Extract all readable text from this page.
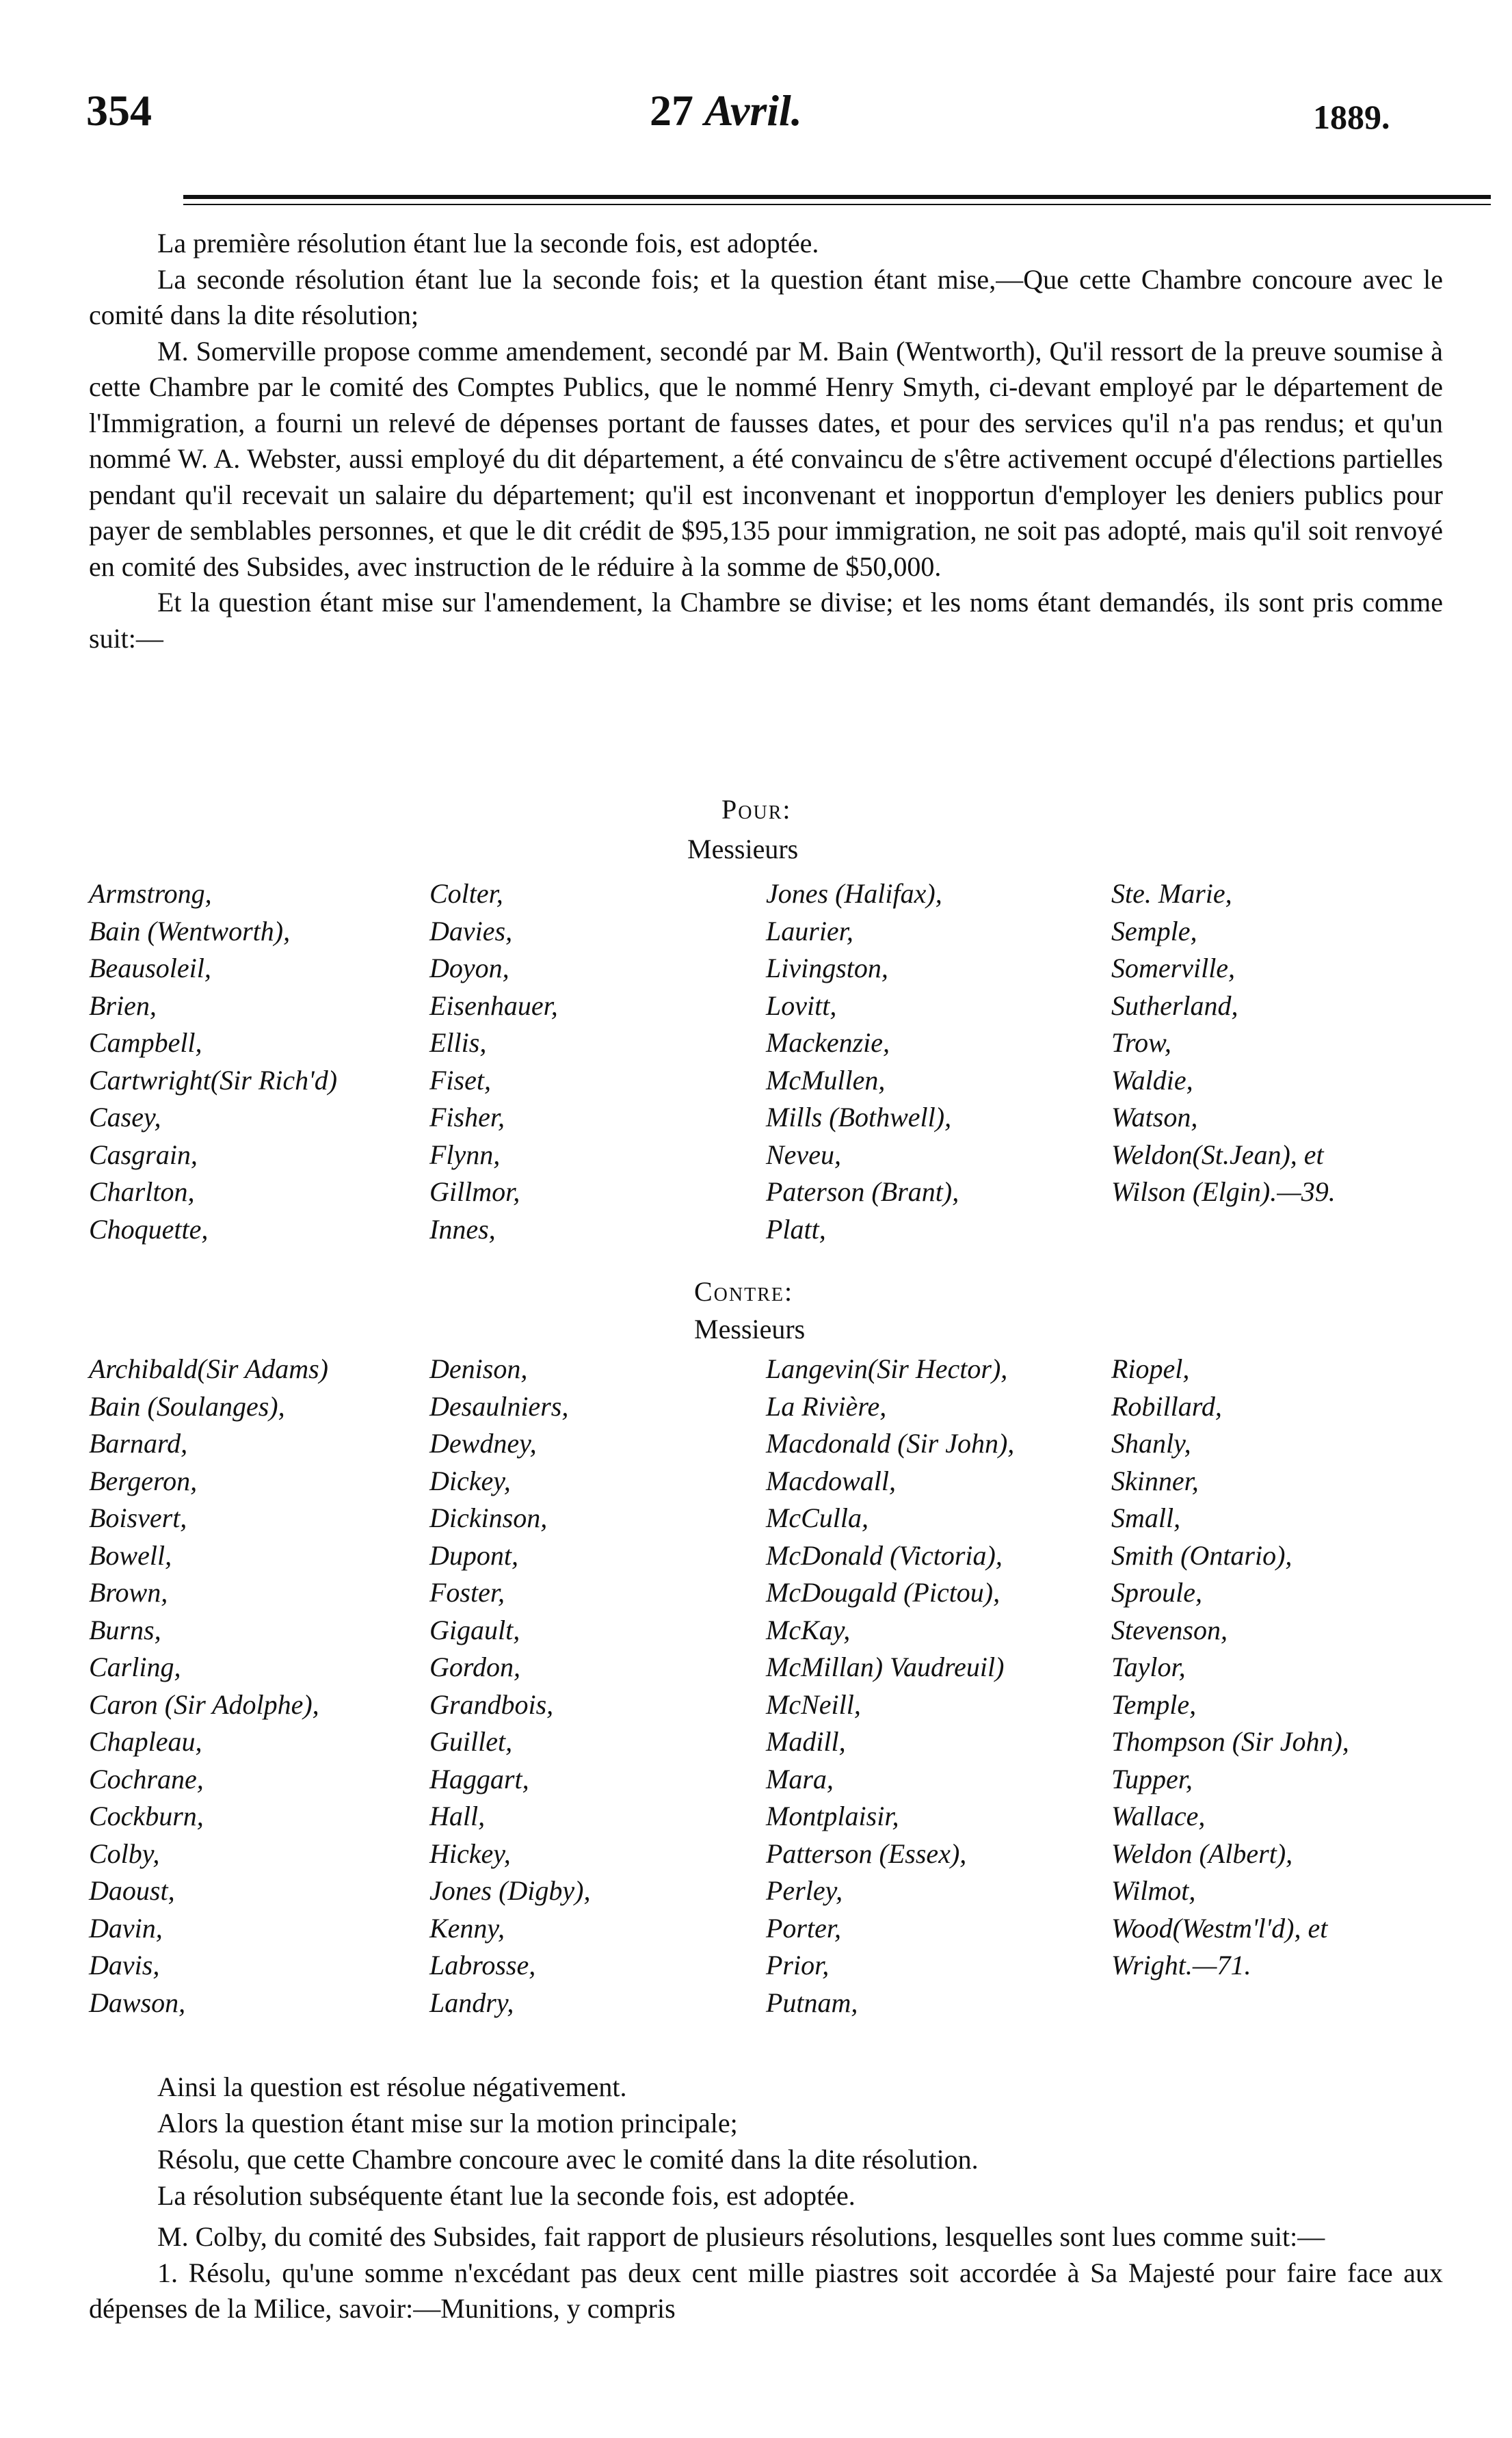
354	27 Avril.	1889.
La première résolution étant lue la seconde fois, est adoptée.
La seconde résolution étant lue la seconde fois; et la question étant mise,—Que cette Chambre concoure avec le comité dans la dite résolution;
M. Somerville propose comme amendement, secondé par M. Bain (Wentworth), Qu'il ressort de la preuve soumise à cette Chambre par le comité des Comptes Publics, que le nommé Henry Smyth, ci-devant employé par le département de l'Immigration, a fourni un relevé de dépenses portant de fausses dates, et pour des services qu'il n'a pas rendus; et qu'un nommé W. A. Webster, aussi employé du dit département, a été convaincu de s'être activement occupé d'élections partielles pendant qu'il recevait un salaire du département; qu'il est inconvenant et inopportun d'employer les deniers publics pour payer de semblables personnes, et que le dit crédit de $95,135 pour immigration, ne soit pas adopté, mais qu'il soit renvoyé en comité des Subsides, avec instruction de le réduire à la somme de $50,000.
Et la question étant mise sur l'amendement, la Chambre se divise; et les noms étant demandés, ils sont pris comme suit:—
Pour:
Messieurs
Armstrong,
Bain (Wentworth),
Beausoleil,
Brien,
Campbell,
Cartwright(Sir Rich'd)
Casey,
Casgrain,
Charlton,
Choquette,
Colter,
Davies,
Doyon,
Eisenhauer,
Ellis,
Fiset,
Fisher,
Flynn,
Gillmor,
Innes,
Jones (Halifax),
Laurier,
Livingston,
Lovitt,
Mackenzie,
McMullen,
Mills (Bothwell),
Neveu,
Paterson (Brant),
Platt,
Ste. Marie,
Semple,
Somerville,
Sutherland,
Trow,
Waldie,
Watson,
Weldon(St.Jean), et
Wilson (Elgin).—39.
Contre:
Messieurs
Archibald(Sir Adams)
Bain (Soulanges),
Barnard,
Bergeron,
Boisvert,
Bowell,
Brown,
Burns,
Carling,
Caron (Sir Adolphe),
Chapleau,
Cochrane,
Cockburn,
Colby,
Daoust,
Davin,
Davis,
Dawson,
Denison,
Desaulniers,
Dewdney,
Dickey,
Dickinson,
Dupont,
Foster,
Gigault,
Gordon,
Grandbois,
Guillet,
Haggart,
Hall,
Hickey,
Jones (Digby),
Kenny,
Labrosse,
Landry,
Langevin(Sir Hector),
La Rivière,
Macdonald (Sir John),
Macdowall,
McCulla,
McDonald (Victoria),
McDougald (Pictou),
McKay,
McMillan) Vaudreuil)
McNeill,
Madill,
Mara,
Montplaisir,
Patterson (Essex),
Perley,
Porter,
Prior,
Putnam,
Riopel,
Robillard,
Shanly,
Skinner,
Small,
Smith (Ontario),
Sproule,
Stevenson,
Taylor,
Temple,
Thompson (Sir John),
Tupper,
Wallace,
Weldon (Albert),
Wilmot,
Wood(Westm'l'd), et
Wright.—71.
Ainsi la question est résolue négativement.
Alors la question étant mise sur la motion principale;
Résolu, que cette Chambre concoure avec le comité dans la dite résolution.
La résolution subséquente étant lue la seconde fois, est adoptée.
M. Colby, du comité des Subsides, fait rapport de plusieurs résolutions, lesquelles sont lues comme suit:—
1. Résolu, qu'une somme n'excédant pas deux cent mille piastres soit accordée à Sa Majesté pour faire face aux dépenses de la Milice, savoir:—Munitions, y compris
